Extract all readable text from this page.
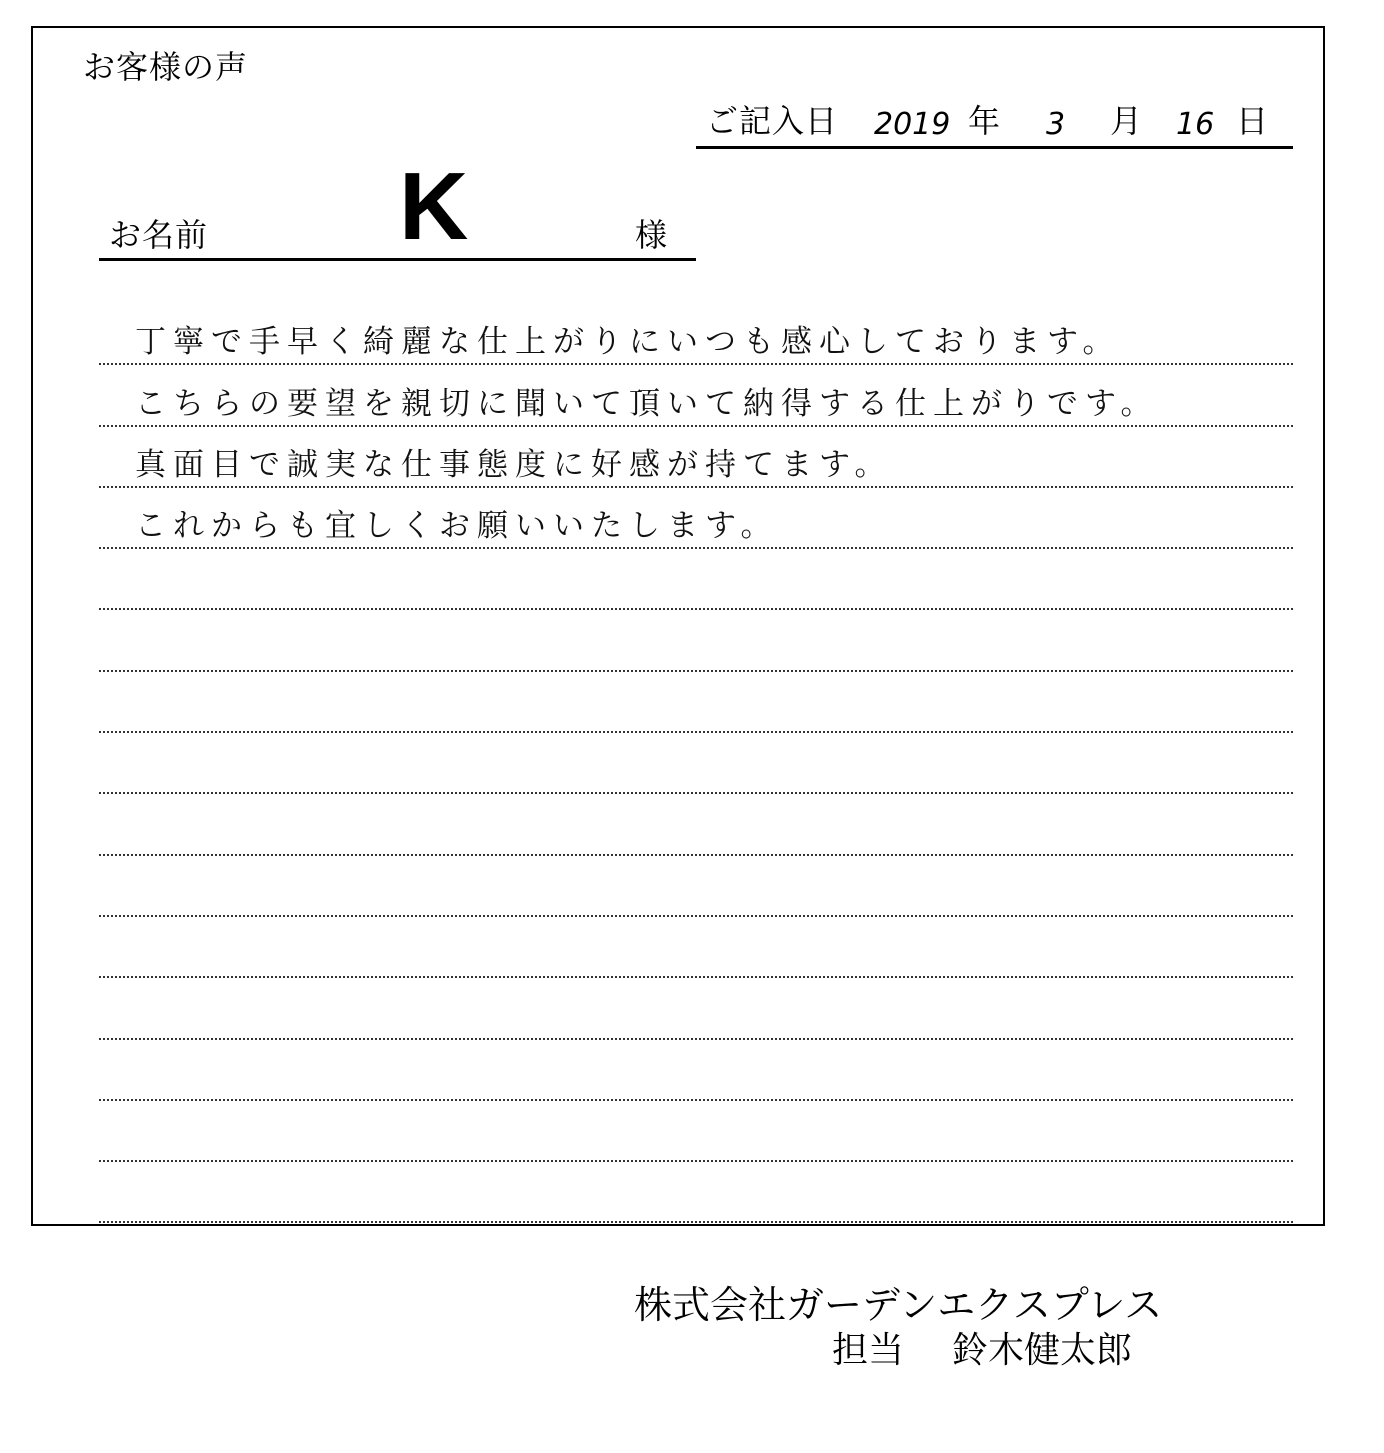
お客様の声
ご記入日 2019 年 3 月 16 日
お名前 K	様
丁寧で手早く綺麗な仕上がりにいつも感心しております。
こちらの要望を親切に聞いて頂いて納得する仕上がりです。
真面目で誠実な仕事態度に好感が持てます。
これからも宜しくお願いいたします。
株式会社ガーデンエクスプレス
担当 鈴木健太郎
